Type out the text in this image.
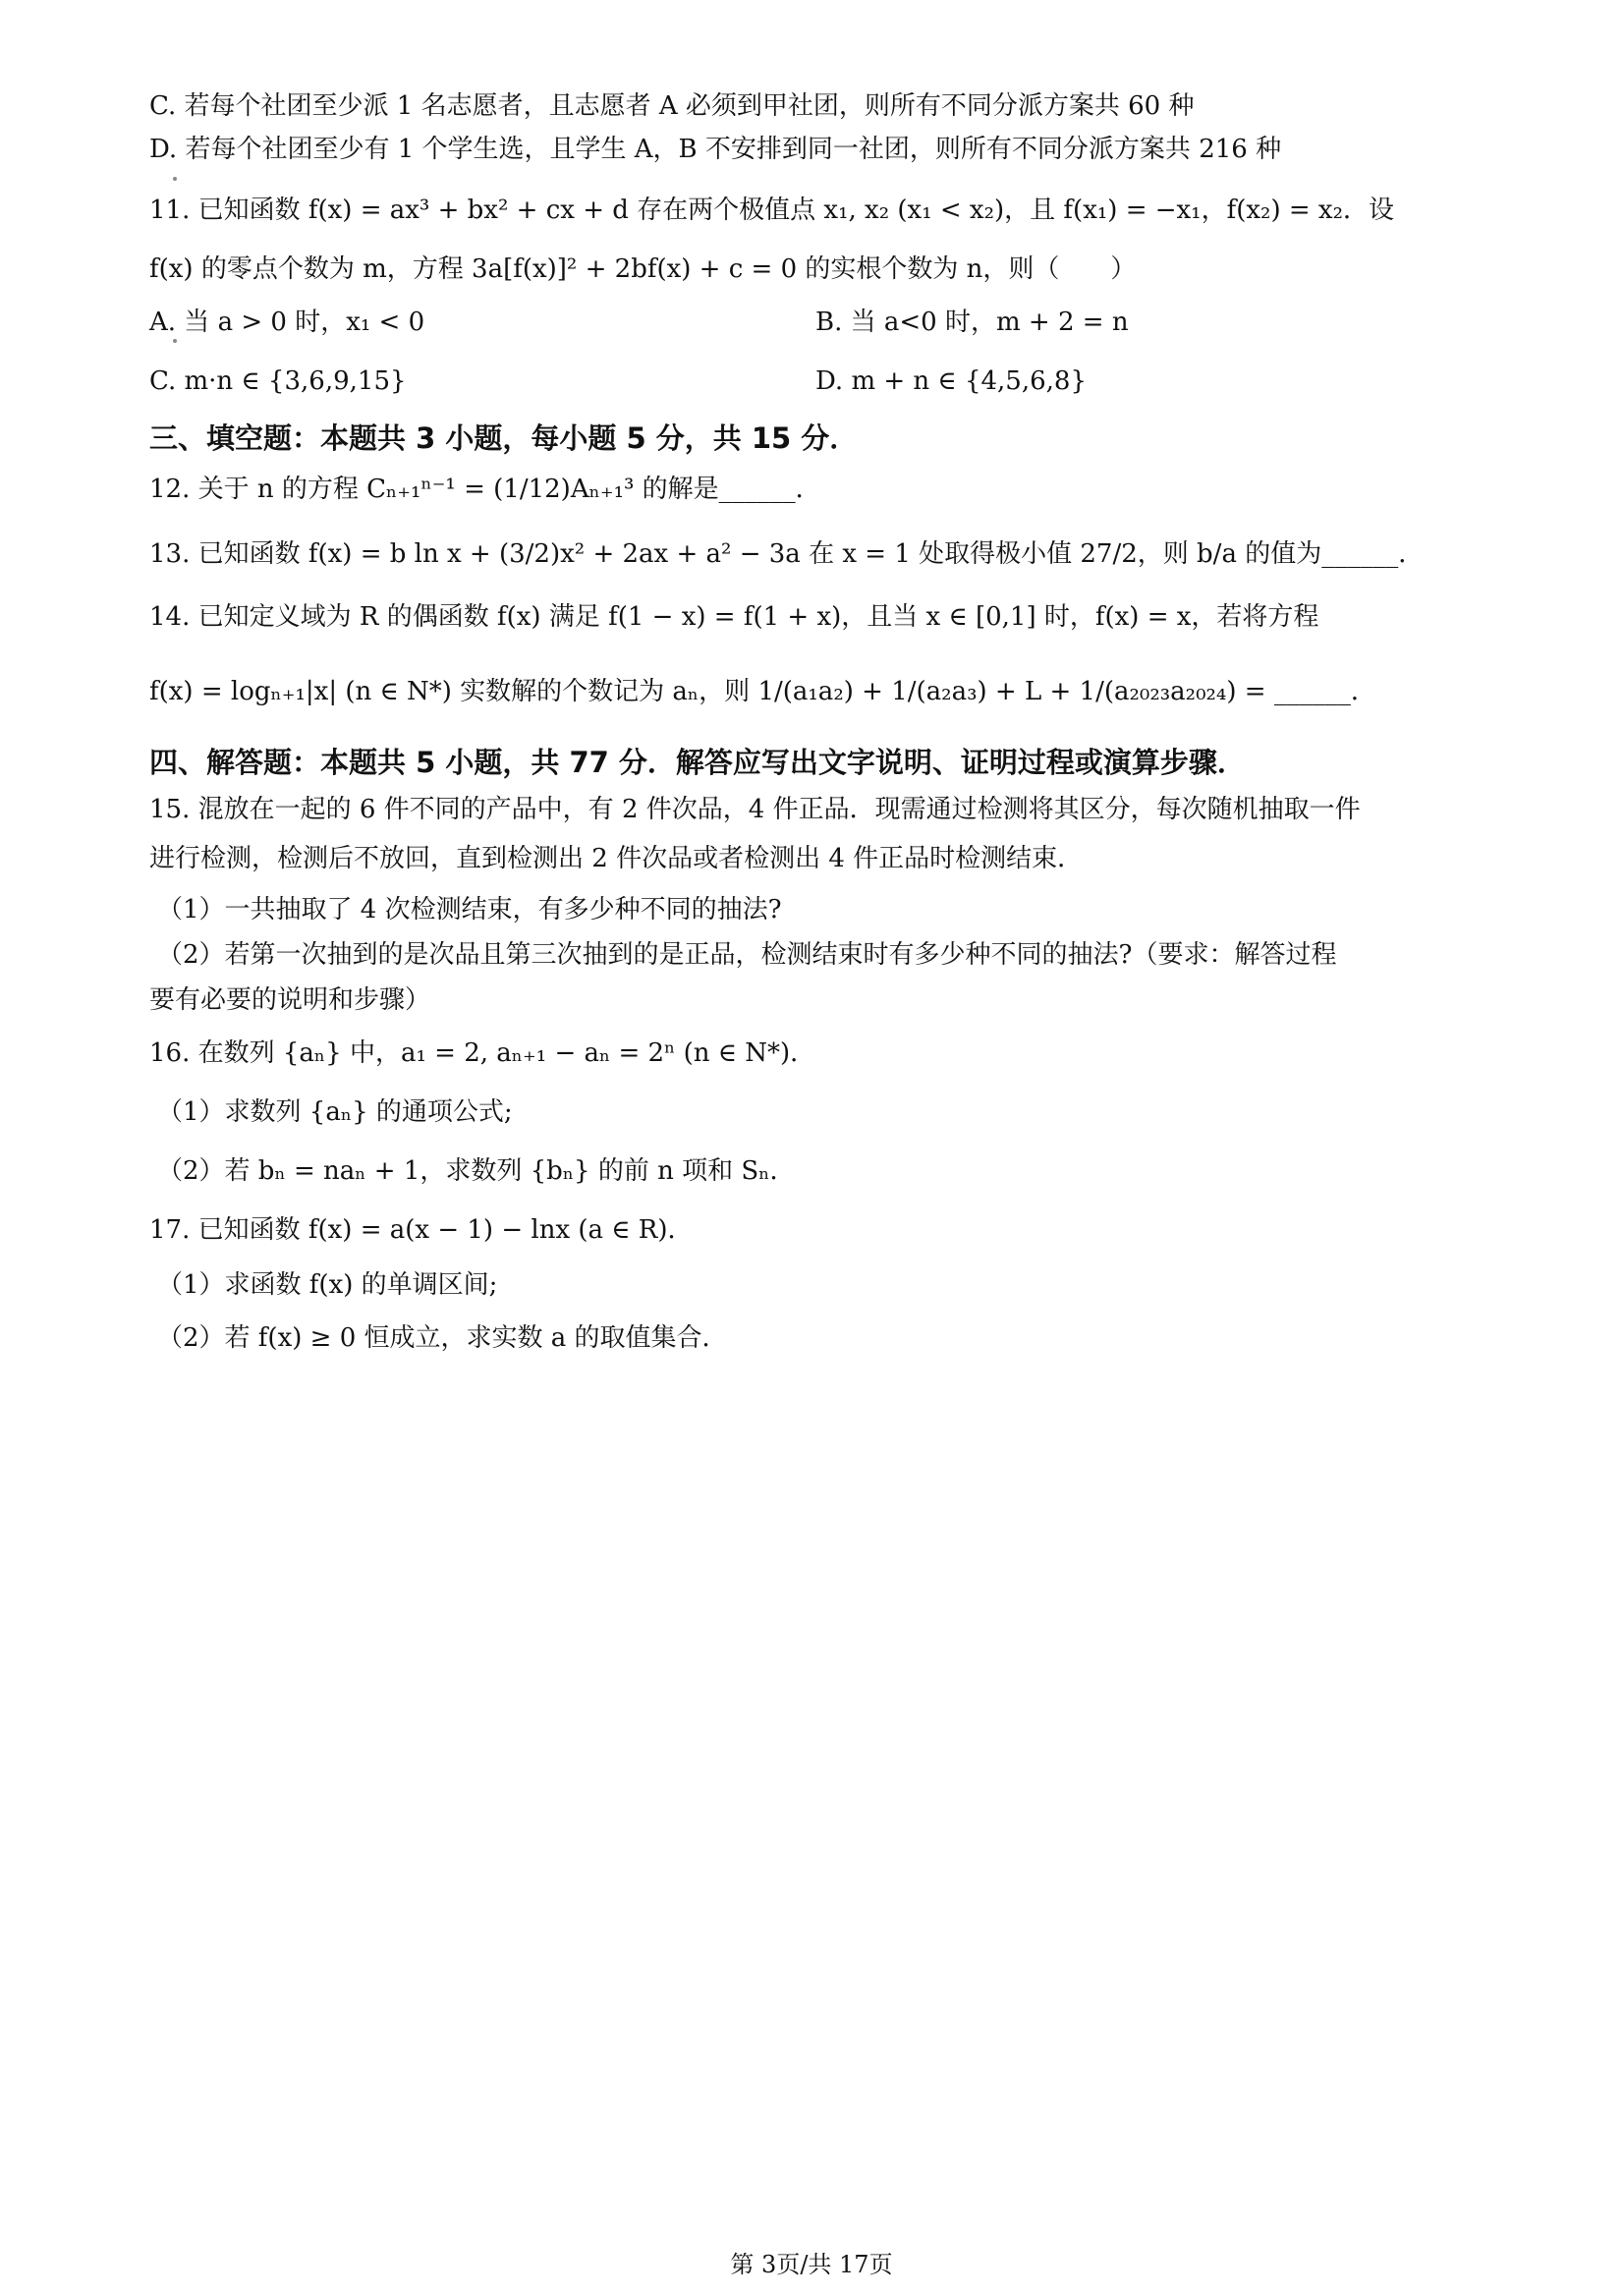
C. 若每个社团至少派 1 名志愿者，且志愿者 A 必须到甲社团，则所有不同分派方案共 60 种
D. 若每个社团至少有 1 个学生选，且学生 A，B 不安排到同一社团，则所有不同分派方案共 216 种
11. 已知函数 f(x) = ax³ + bx² + cx + d 存在两个极值点 x₁, x₂ (x₁ < x₂)，且 f(x₁) = −x₁，f(x₂) = x₂．设
f(x) 的零点个数为 m，方程 3a[f(x)]² + 2bf(x) + c = 0 的实根个数为 n，则（　　）
A. 当 a > 0 时，x₁ < 0	B. 当 a<0 时，m + 2 = n
C. m·n ∈ {3,6,9,15}	D. m + n ∈ {4,5,6,8}
三、填空题：本题共 3 小题，每小题 5 分，共 15 分．
12. 关于 n 的方程 Cₙ₊₁ⁿ⁻¹ = (1/12)Aₙ₊₁³ 的解是______．
13. 已知函数 f(x) = b ln x + (3/2)x² + 2ax + a² − 3a 在 x = 1 处取得极小值 27/2，则 b/a 的值为______．
14. 已知定义域为 R 的偶函数 f(x) 满足 f(1 − x) = f(1 + x)，且当 x ∈ [0,1] 时，f(x) = x，若将方程
f(x) = logₙ₊₁|x| (n ∈ N*) 实数解的个数记为 aₙ，则 1/(a₁a₂) + 1/(a₂a₃) + L + 1/(a₂₀₂₃a₂₀₂₄) = ______．
四、解答题：本题共 5 小题，共 77 分．解答应写出文字说明、证明过程或演算步骤．
15. 混放在一起的 6 件不同的产品中，有 2 件次品，4 件正品．现需通过检测将其区分，每次随机抽取一件
进行检测，检测后不放回，直到检测出 2 件次品或者检测出 4 件正品时检测结束．
（1）一共抽取了 4 次检测结束，有多少种不同的抽法?
（2）若第一次抽到的是次品且第三次抽到的是正品，检测结束时有多少种不同的抽法?（要求：解答过程
要有必要的说明和步骤）
16. 在数列 {aₙ} 中，a₁ = 2, aₙ₊₁ − aₙ = 2ⁿ (n ∈ N*)．
（1）求数列 {aₙ} 的通项公式;
（2）若 bₙ = naₙ + 1，求数列 {bₙ} 的前 n 项和 Sₙ．
17. 已知函数 f(x) = a(x − 1) − lnx (a ∈ R)．
（1）求函数 f(x) 的单调区间;
（2）若 f(x) ≥ 0 恒成立，求实数 a 的取值集合．
第 3页/共 17页
